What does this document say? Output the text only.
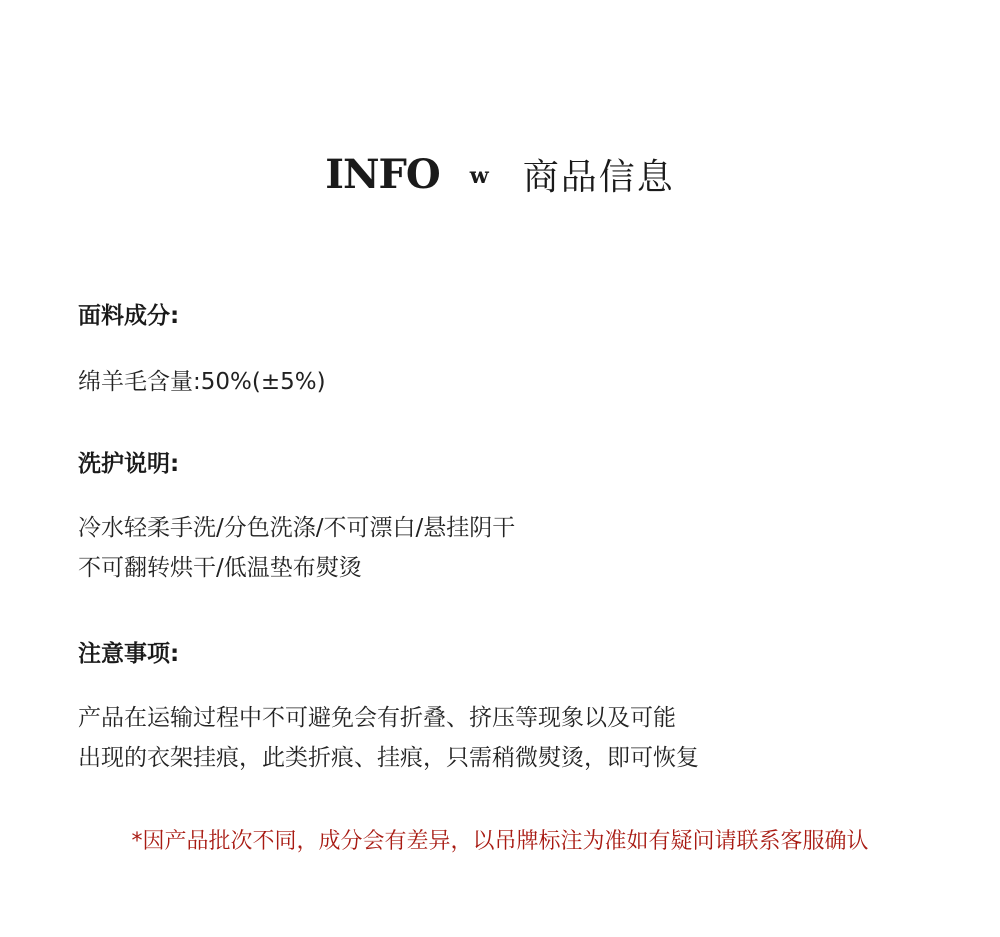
INFO w 商品信息

面料成分:

绵羊毛含量:50%(±5%)

洗护说明:

冷水轻柔手洗/分色洗涤/不可漂白/悬挂阴干

不可翻转烘干/低温垫布熨烫

注意事项:

产品在运输过程中不可避免会有折叠、挤压等现象以及可能

出现的衣架挂痕，此类折痕、挂痕，只需稍微熨烫，即可恢复

*因产品批次不同，成分会有差异，以吊牌标注为准如有疑问请联系客服确认
